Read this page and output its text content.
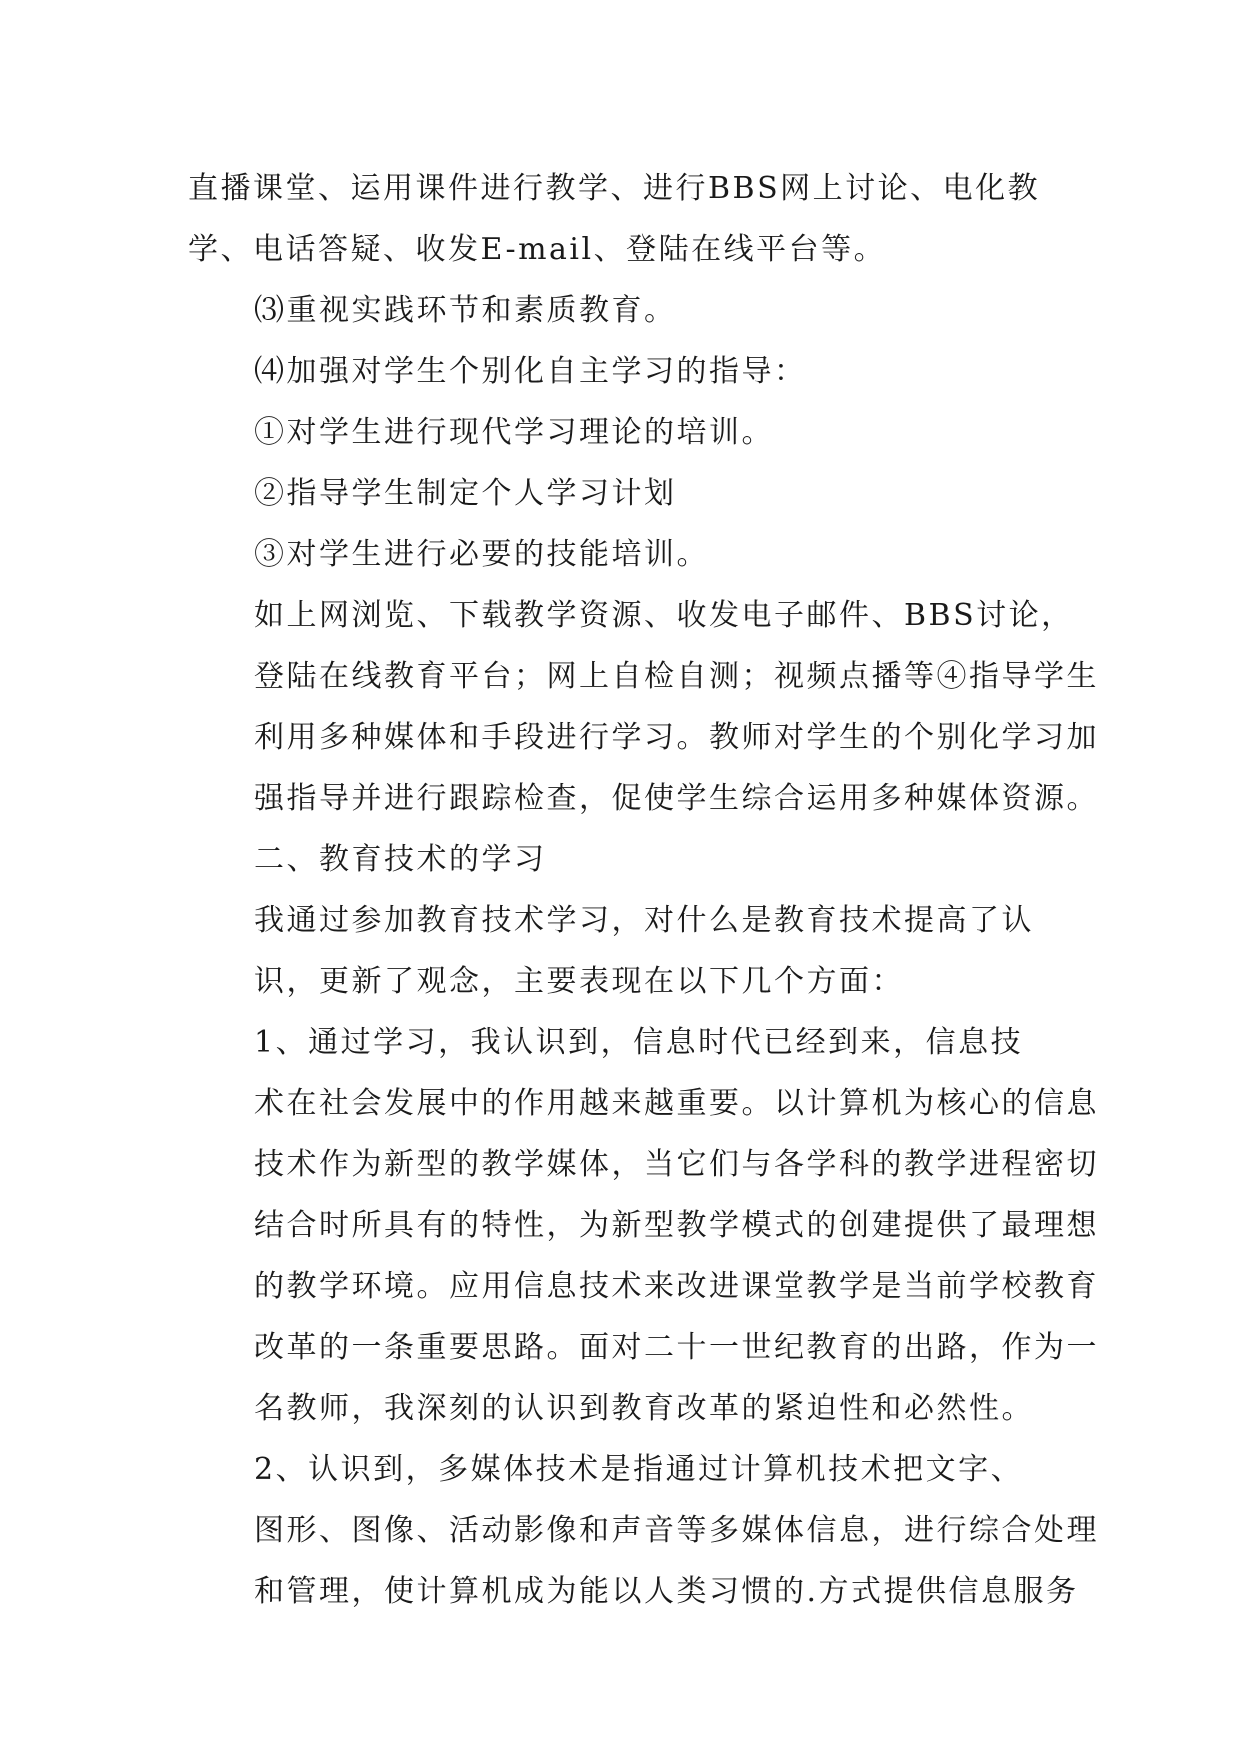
直播课堂、运用课件进行教学、进行BBS网上讨论、电化教
学、电话答疑、收发E-mail、登陆在线平台等。

⑶重视实践环节和素质教育。

⑷加强对学生个别化自主学习的指导：

①对学生进行现代学习理论的培训。

②指导学生制定个人学习计划

③对学生进行必要的技能培训。

如上网浏览、下载教学资源、收发电子邮件、BBS讨论，
登陆在线教育平台；网上自检自测；视频点播等④指导学生
利用多种媒体和手段进行学习。教师对学生的个别化学习加
强指导并进行跟踪检查，促使学生综合运用多种媒体资源。

二、教育技术的学习

我通过参加教育技术学习，对什么是教育技术提高了认
识，更新了观念，主要表现在以下几个方面：

1、通过学习，我认识到，信息时代已经到来，信息技
术在社会发展中的作用越来越重要。以计算机为核心的信息
技术作为新型的教学媒体，当它们与各学科的教学进程密切
结合时所具有的特性，为新型教学模式的创建提供了最理想
的教学环境。应用信息技术来改进课堂教学是当前学校教育
改革的一条重要思路。面对二十一世纪教育的出路，作为一
名教师，我深刻的认识到教育改革的紧迫性和必然性。

2、认识到，多媒体技术是指通过计算机技术把文字、
图形、图像、活动影像和声音等多媒体信息，进行综合处理
和管理，使计算机成为能以人类习惯的.方式提供信息服务
